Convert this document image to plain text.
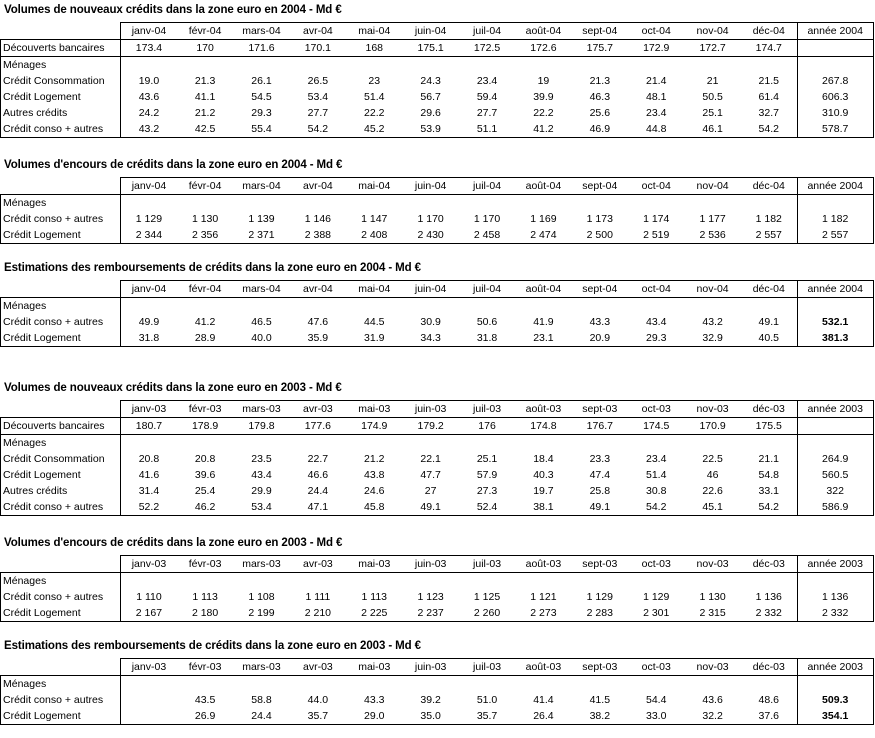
Volumes de nouveaux crédits dans la zone euro en 2004 - Md €
	janv-04	févr-04	mars-04	avr-04	mai-04	juin-04	juil-04	août-04	sept-04	oct-04	nov-04	déc-04	année 2004
Découverts bancaires	173.4	170	171.6	170.1	168	175.1	172.5	172.6	175.7	172.9	172.7	174.7	
Ménages													
Crédit Consommation	19.0	21.3	26.1	26.5	23	24.3	23.4	19	21.3	21.4	21	21.5	267.8
Crédit Logement	43.6	41.1	54.5	53.4	51.4	56.7	59.4	39.9	46.3	48.1	50.5	61.4	606.3
Autres crédits	24.2	21.2	29.3	27.7	22.2	29.6	27.7	22.2	25.6	23.4	25.1	32.7	310.9
Crédit conso + autres	43.2	42.5	55.4	54.2	45.2	53.9	51.1	41.2	46.9	44.8	46.1	54.2	578.7
Volumes d'encours de crédits dans la zone euro en 2004 - Md €
	janv-04	févr-04	mars-04	avr-04	mai-04	juin-04	juil-04	août-04	sept-04	oct-04	nov-04	déc-04	année 2004
Ménages													
Crédit conso + autres	1 129	1 130	1 139	1 146	1 147	1 170	1 170	1 169	1 173	1 174	1 177	1 182	1 182
Crédit Logement	2 344	2 356	2 371	2 388	2 408	2 430	2 458	2 474	2 500	2 519	2 536	2 557	2 557
Estimations des remboursements de crédits dans la zone euro en 2004 - Md €
	janv-04	févr-04	mars-04	avr-04	mai-04	juin-04	juil-04	août-04	sept-04	oct-04	nov-04	déc-04	année 2004
Ménages													
Crédit conso + autres	49.9	41.2	46.5	47.6	44.5	30.9	50.6	41.9	43.3	43.4	43.2	49.1	532.1
Crédit Logement	31.8	28.9	40.0	35.9	31.9	34.3	31.8	23.1	20.9	29.3	32.9	40.5	381.3
Volumes de nouveaux crédits dans la zone euro en 2003 - Md €
	janv-03	févr-03	mars-03	avr-03	mai-03	juin-03	juil-03	août-03	sept-03	oct-03	nov-03	déc-03	année 2003
Découverts bancaires	180.7	178.9	179.8	177.6	174.9	179.2	176	174.8	176.7	174.5	170.9	175.5	
Ménages													
Crédit Consommation	20.8	20.8	23.5	22.7	21.2	22.1	25.1	18.4	23.3	23.4	22.5	21.1	264.9
Crédit Logement	41.6	39.6	43.4	46.6	43.8	47.7	57.9	40.3	47.4	51.4	46	54.8	560.5
Autres crédits	31.4	25.4	29.9	24.4	24.6	27	27.3	19.7	25.8	30.8	22.6	33.1	322
Crédit conso + autres	52.2	46.2	53.4	47.1	45.8	49.1	52.4	38.1	49.1	54.2	45.1	54.2	586.9
Volumes d'encours de crédits dans la zone euro en 2003 - Md €
	janv-03	févr-03	mars-03	avr-03	mai-03	juin-03	juil-03	août-03	sept-03	oct-03	nov-03	déc-03	année 2003
Ménages													
Crédit conso + autres	1 110	1 113	1 108	1 111	1 113	1 123	1 125	1 121	1 129	1 129	1 130	1 136	1 136
Crédit Logement	2 167	2 180	2 199	2 210	2 225	2 237	2 260	2 273	2 283	2 301	2 315	2 332	2 332
Estimations des remboursements de crédits dans la zone euro en 2003 - Md €
	janv-03	févr-03	mars-03	avr-03	mai-03	juin-03	juil-03	août-03	sept-03	oct-03	nov-03	déc-03	année 2003
Ménages													
Crédit conso + autres		43.5	58.8	44.0	43.3	39.2	51.0	41.4	41.5	54.4	43.6	48.6	509.3
Crédit Logement		26.9	24.4	35.7	29.0	35.0	35.7	26.4	38.2	33.0	32.2	37.6	354.1
